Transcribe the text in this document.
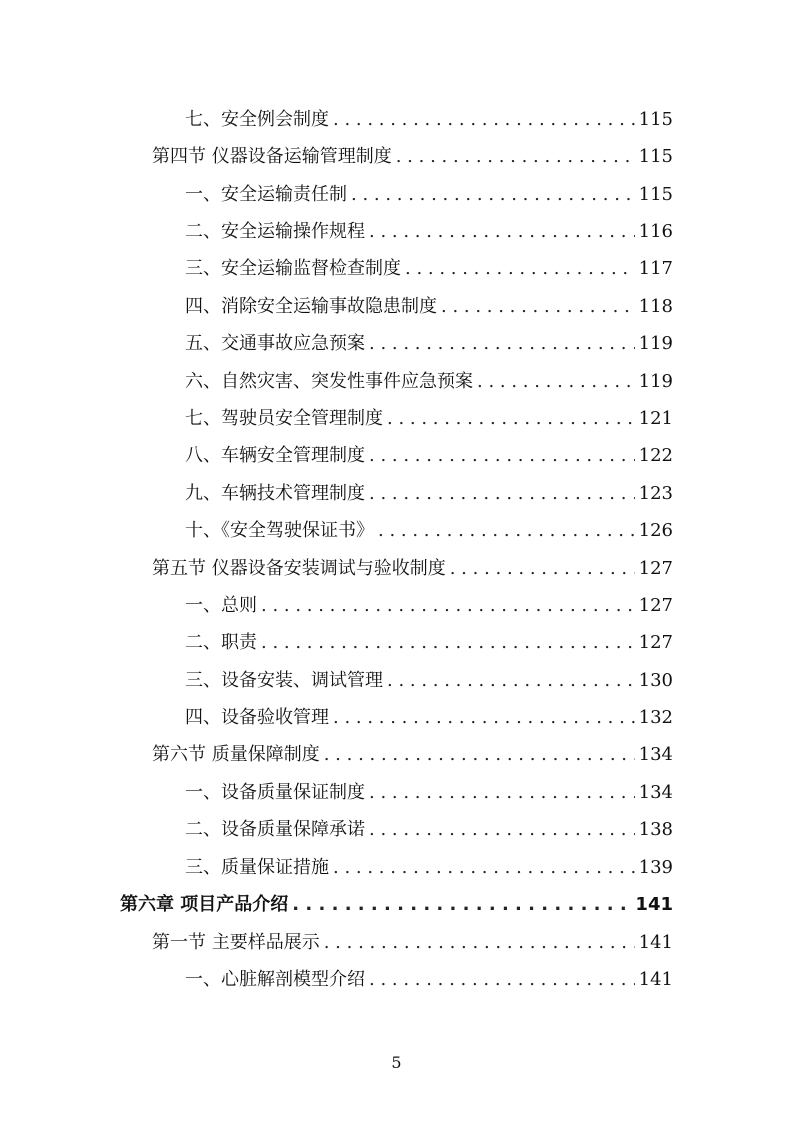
七、安全例会制度 . . .	115
第四节 仪器设备运输管理制度 . . .	115
一、安全运输责任制 . . .	115
二、安全运输操作规程 . . .	116
三、安全运输监督检查制度 . . .	117
四、消除安全运输事故隐患制度 . . .	118
五、交通事故应急预案 . . .	119
六、自然灾害、突发性事件应急预案 . . .	119
七、驾驶员安全管理制度 . . .	121
八、车辆安全管理制度 . . .	122
九、车辆技术管理制度 . . .	123
十、《安全驾驶保证书》 . . .	126
第五节 仪器设备安装调试与验收制度 . . .	127
一、总则 . . .	127
二、职责 . . .	127
三、设备安装、调试管理 . . .	130
四、设备验收管理 . . .	132
第六节 质量保障制度 . . .	134
一、设备质量保证制度 . . .	134
二、设备质量保障承诺 . . .	138
三、质量保证措施 . . .	139
第六章 项目产品介绍 . . .	141
第一节 主要样品展示 . . .	141
一、心脏解剖模型介绍 . . .	141
5
